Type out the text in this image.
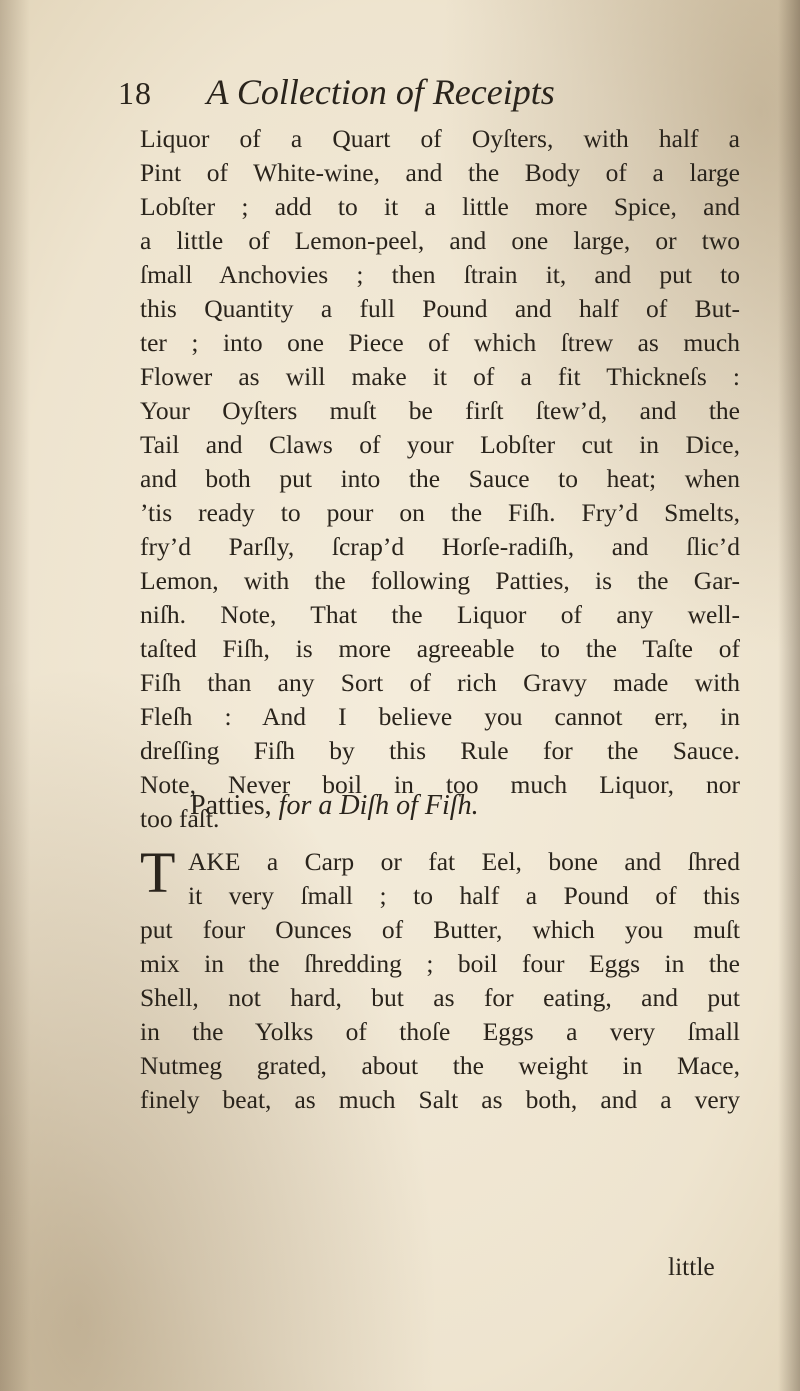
18 A Collection of Receipts
Liquor of a Quart of Oyſters, with half a
Pint of White-wine, and the Body of a large
Lobſter ; add to it a little more Spice, and
a little of Lemon-peel, and one large, or two
ſmall Anchovies ; then ſtrain it, and put to
this Quantity a full Pound and half of But-
ter ; into one Piece of which ſtrew as much
Flower as will make it of a fit Thickneſs :
Your Oyſters muſt be firſt ſtew’d, and the
Tail and Claws of your Lobſter cut in Dice,
and both put into the Sauce to heat; when
’tis ready to pour on the Fiſh. Fry’d Smelts,
fry’d Parſly, ſcrap’d Horſe-radiſh, and ſlic’d
Lemon, with the following Patties, is the Gar-
niſh. Note, That the Liquor of any well-
taſted Fiſh, is more agreeable to the Taſte of
Fiſh than any Sort of rich Gravy made with
Fleſh : And I believe you cannot err, in
dreſſing Fiſh by this Rule for the Sauce.
Note, Never boil in too much Liquor, nor
too faſt.
Patties, for a Diſh of Fiſh.
T AKE a Carp or fat Eel, bone and ſhred
it very ſmall ; to half a Pound of this
put four Ounces of Butter, which you muſt
mix in the ſhredding ; boil four Eggs in the
Shell, not hard, but as for eating, and put
in the Yolks of thoſe Eggs a very ſmall
Nutmeg grated, about the weight in Mace,
finely beat, as much Salt as both, and a very
little
